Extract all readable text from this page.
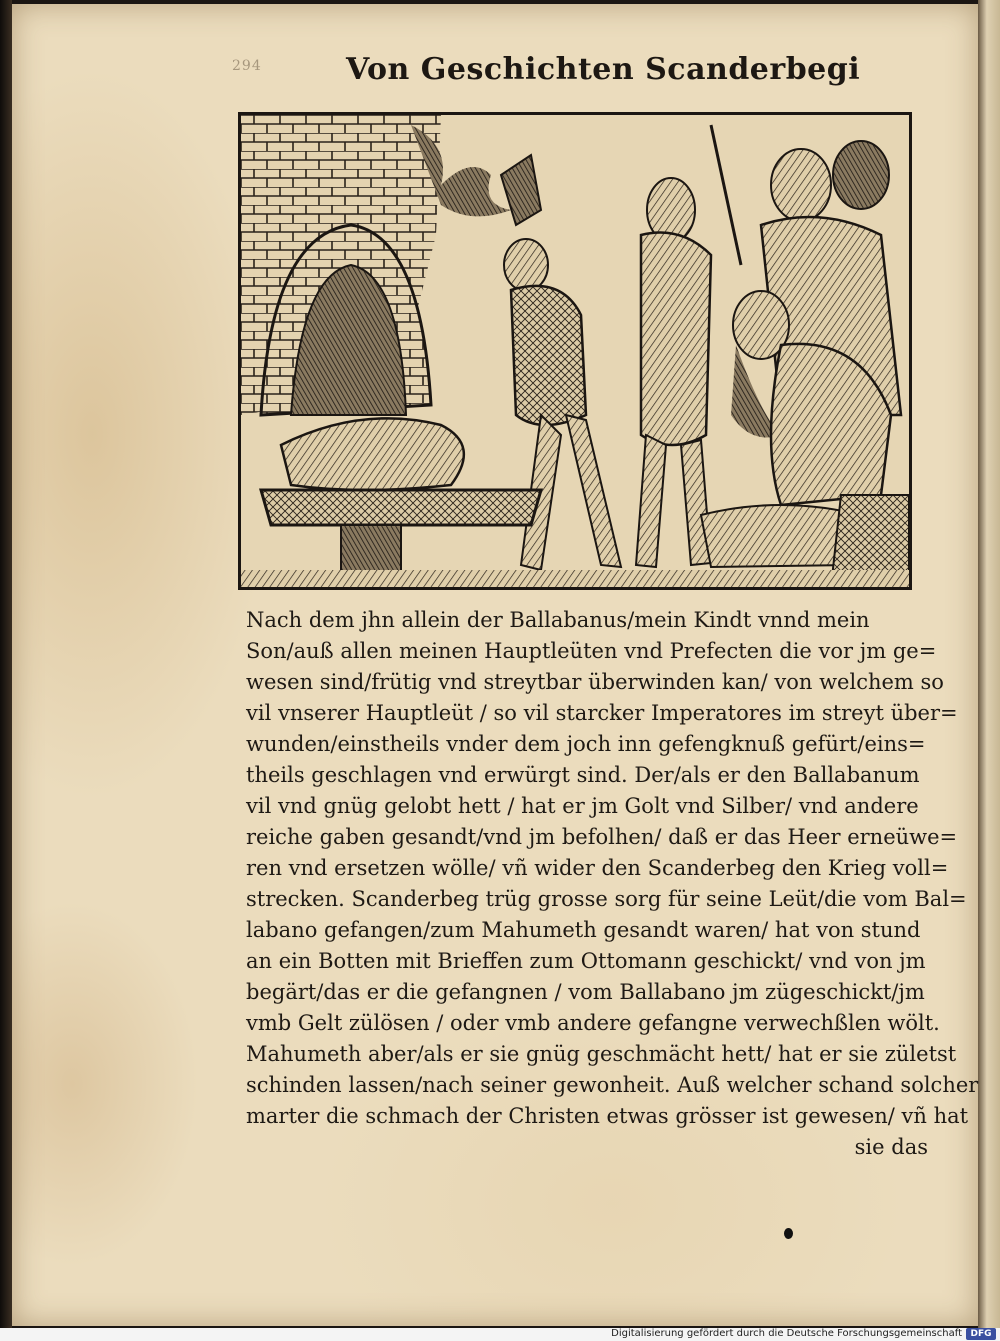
294	Von Geschichten Scanderbegi
Nach dem jhn allein der Ballabanus/mein Kindt vnnd mein
Son/auß allen meinen Hauptleüten vnd Prefecten die vor jm ge=
wesen sind/frütig vnd streytbar überwinden kan/ von welchem so
vil vnserer Hauptleüt / so vil starcker Imperatores im streyt über=
wunden/einstheils vnder dem joch inn gefengknuß gefürt/eins=
theils geschlagen vnd erwürgt sind. Der/als er den Ballabanum
vil vnd gnüg gelobt hett / hat er jm Golt vnd Silber/ vnd andere
reiche gaben gesandt/vnd jm befolhen/ daß er das Heer erneüwe=
ren vnd ersetzen wölle/ vñ wider den Scanderbeg den Krieg voll=
strecken. Scanderbeg trüg grosse sorg für seine Leüt/die vom Bal=
labano gefangen/zum Mahumeth gesandt waren/ hat von stund
an ein Botten mit Brieffen zum Ottomann geschickt/ vnd von jm
begärt/das er die gefangnen / vom Ballabano jm zügeschickt/jm
vmb Gelt zülösen / oder vmb andere gefangne verwechßlen wölt.
Mahumeth aber/als er sie gnüg geschmächt hett/ hat er sie zületst
schinden lassen/nach seiner gewonheit. Auß welcher schand solcher
marter die schmach der Christen etwas grösser ist gewesen/ vñ hat
sie das
Digitalisierung gefördert durch die Deutsche Forschungsgemeinschaft DFG
